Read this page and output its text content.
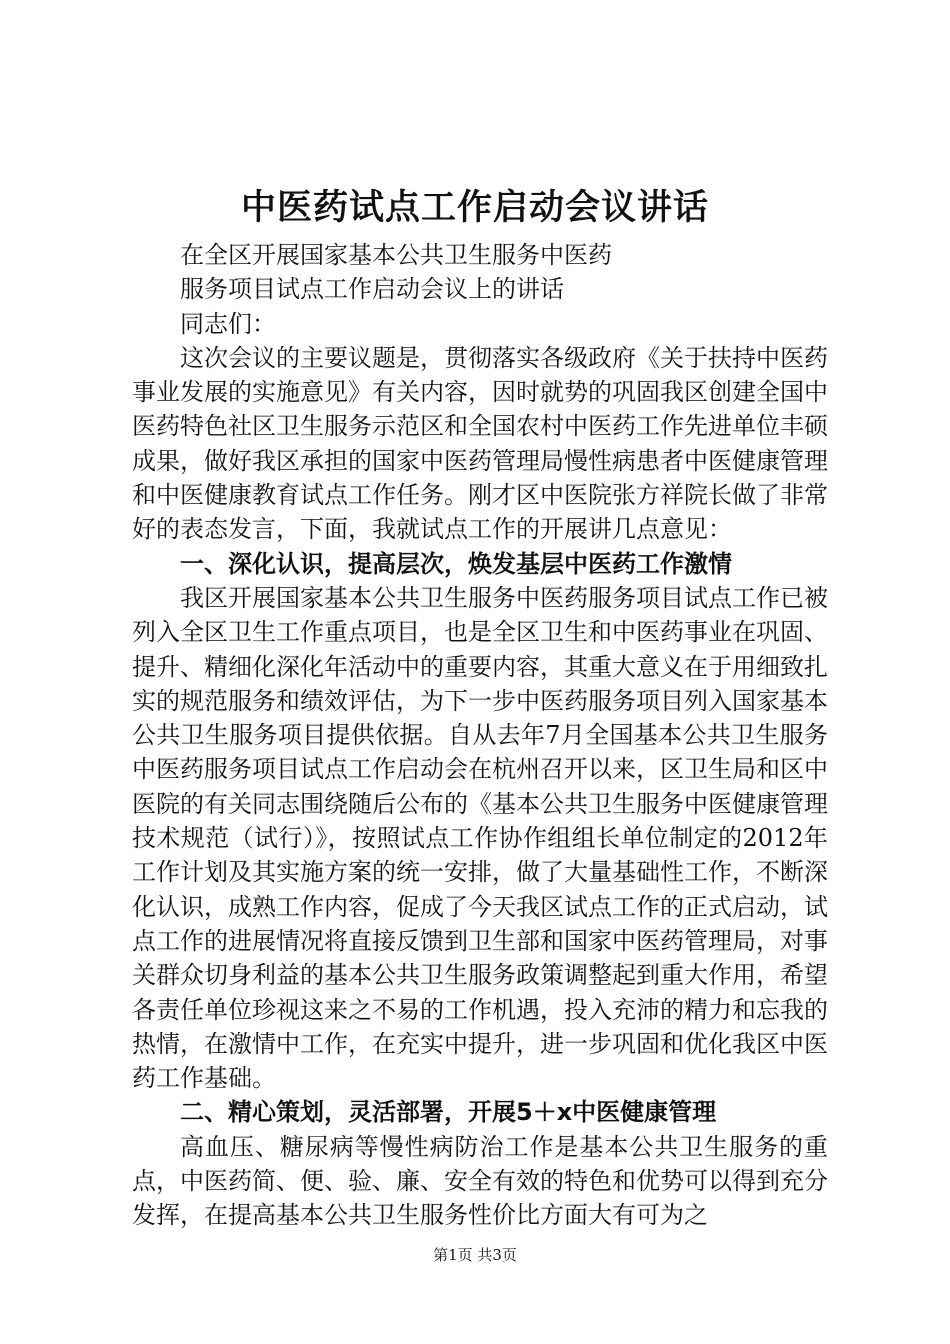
中医药试点工作启动会议讲话
在全区开展国家基本公共卫生服务中医药
服务项目试点工作启动会议上的讲话
同志们：

这次会议的主要议题是，贯彻落实各级政府《关于扶持中医药事业发展的实施意见》有关内容，因时就势的巩固我区创建全国中医药特色社区卫生服务示范区和全国农村中医药工作先进单位丰硕成果，做好我区承担的国家中医药管理局慢性病患者中医健康管理和中医健康教育试点工作任务。刚才区中医院张方祥院长做了非常好的表态发言，下面，我就试点工作的开展讲几点意见：

一、深化认识，提高层次，焕发基层中医药工作激情

我区开展国家基本公共卫生服务中医药服务项目试点工作已被列入全区卫生工作重点项目，也是全区卫生和中医药事业在巩固、提升、精细化深化年活动中的重要内容，其重大意义在于用细致扎实的规范服务和绩效评估，为下一步中医药服务项目列入国家基本公共卫生服务项目提供依据。自从去年7月全国基本公共卫生服务中医药服务项目试点工作启动会在杭州召开以来，区卫生局和区中医院的有关同志围绕随后公布的《基本公共卫生服务中医健康管理技术规范（试行）》，按照试点工作协作组组长单位制定的2012年工作计划及其实施方案的统一安排，做了大量基础性工作，不断深化认识，成熟工作内容，促成了今天我区试点工作的正式启动，试点工作的进展情况将直接反馈到卫生部和国家中医药管理局，对事关群众切身利益的基本公共卫生服务政策调整起到重大作用，希望各责任单位珍视这来之不易的工作机遇，投入充沛的精力和忘我的热情，在激情中工作，在充实中提升，进一步巩固和优化我区中医药工作基础。

二、精心策划，灵活部署，开展5＋x中医健康管理

高血压、糖尿病等慢性病防治工作是基本公共卫生服务的重点，中医药简、便、验、廉、安全有效的特色和优势可以得到充分发挥，在提高基本公共卫生服务性价比方面大有可为之

第1页 共3页
